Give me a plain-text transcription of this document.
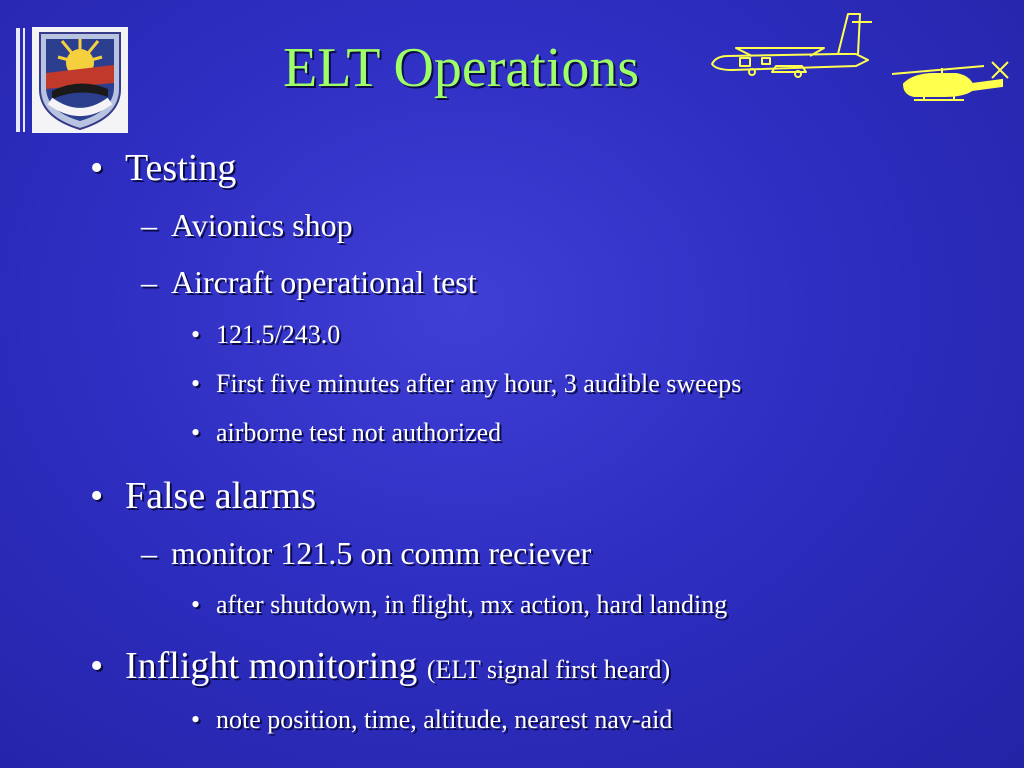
ELT Operations
• Testing
– Avionics shop
– Aircraft operational test
• 121.5/243.0
• First five minutes after any hour, 3 audible sweeps
• airborne test not authorized
• False alarms
– monitor 121.5 on comm reciever
• after shutdown, in flight, mx action, hard landing
• Inflight monitoring (ELT signal first heard)
• note position, time, altitude, nearest nav-aid
